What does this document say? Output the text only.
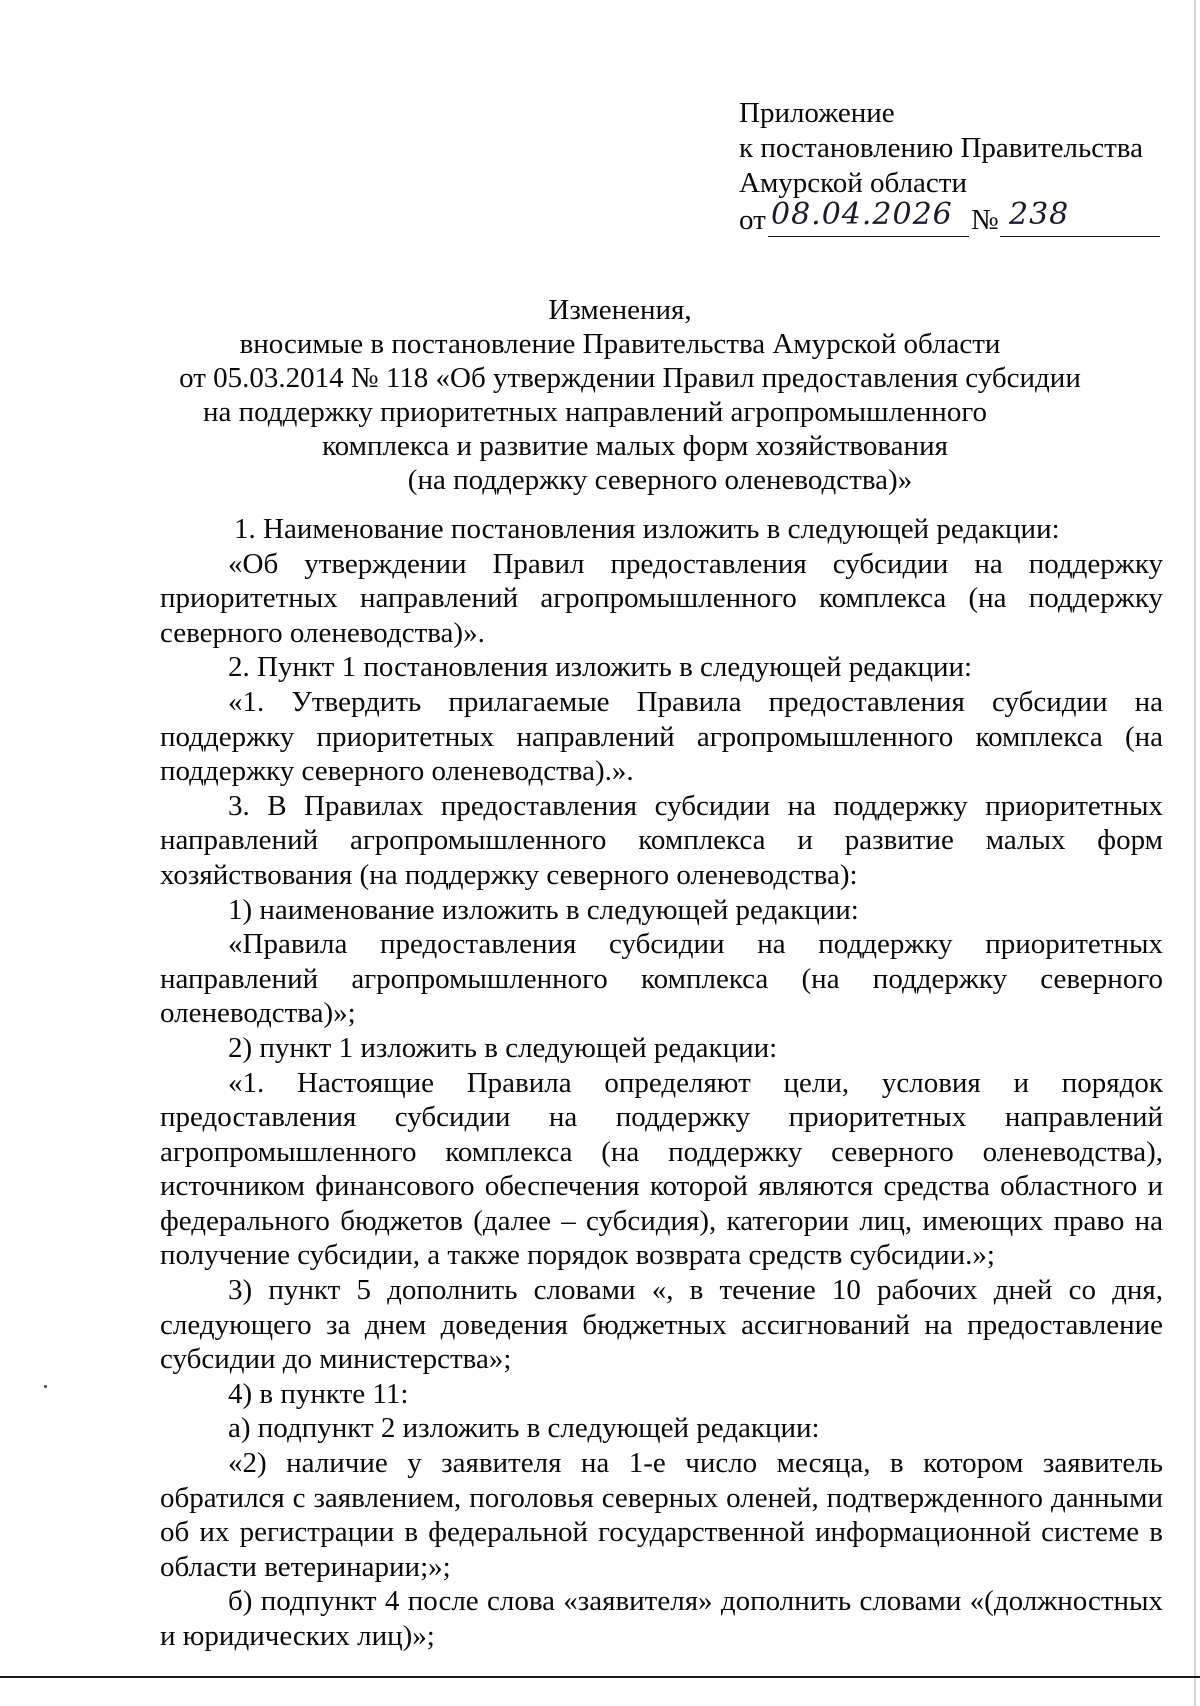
Приложение
к постановлению Правительства
Амурской области
от 08.04.2026 № 238
Изменения,
вносимые в постановление Правительства Амурской области
от 05.03.2014 № 118 «Об утверждении Правил предоставления субсидии
на поддержку приоритетных направлений агропромышленного
комплекса и развитие малых форм хозяйствования
(на поддержку северного оленеводства)»

1. Наименование постановления изложить в следующей редакции:

«Об утверждении Правил предоставления субсидии на поддержку приоритетных направлений агропромышленного комплекса (на поддержку северного оленеводства)».

2. Пункт 1 постановления изложить в следующей редакции:

«1. Утвердить прилагаемые Правила предоставления субсидии на поддержку приоритетных направлений агропромышленного комплекса (на поддержку северного оленеводства).».

3. В Правилах предоставления субсидии на поддержку приоритетных направлений агропромышленного комплекса и развитие малых форм хозяйствования (на поддержку северного оленеводства):

1) наименование изложить в следующей редакции:

«Правила предоставления субсидии на поддержку приоритетных направлений агропромышленного комплекса (на поддержку северного оленеводства)»;

2) пункт 1 изложить в следующей редакции:

«1. Настоящие Правила определяют цели, условия и порядок предоставления субсидии на поддержку приоритетных направлений агропромышленного комплекса (на поддержку северного оленеводства), источником финансового обеспечения которой являются средства областного и федерального бюджетов (далее – субсидия), категории лиц, имеющих право на получение субсидии, а также порядок возврата средств субсидии.»;

3) пункт 5 дополнить словами «, в течение 10 рабочих дней со дня, следующего за днем доведения бюджетных ассигнований на предоставление субсидии до министерства»;

4) в пункте 11:

а) подпункт 2 изложить в следующей редакции:

«2) наличие у заявителя на 1-е число месяца, в котором заявитель обратился с заявлением, поголовья северных оленей, подтвержденного данными об их регистрации в федеральной государственной информационной системе в области ветеринарии;»;

б) подпункт 4 после слова «заявителя» дополнить словами «(должностных и юридических лиц)»;
